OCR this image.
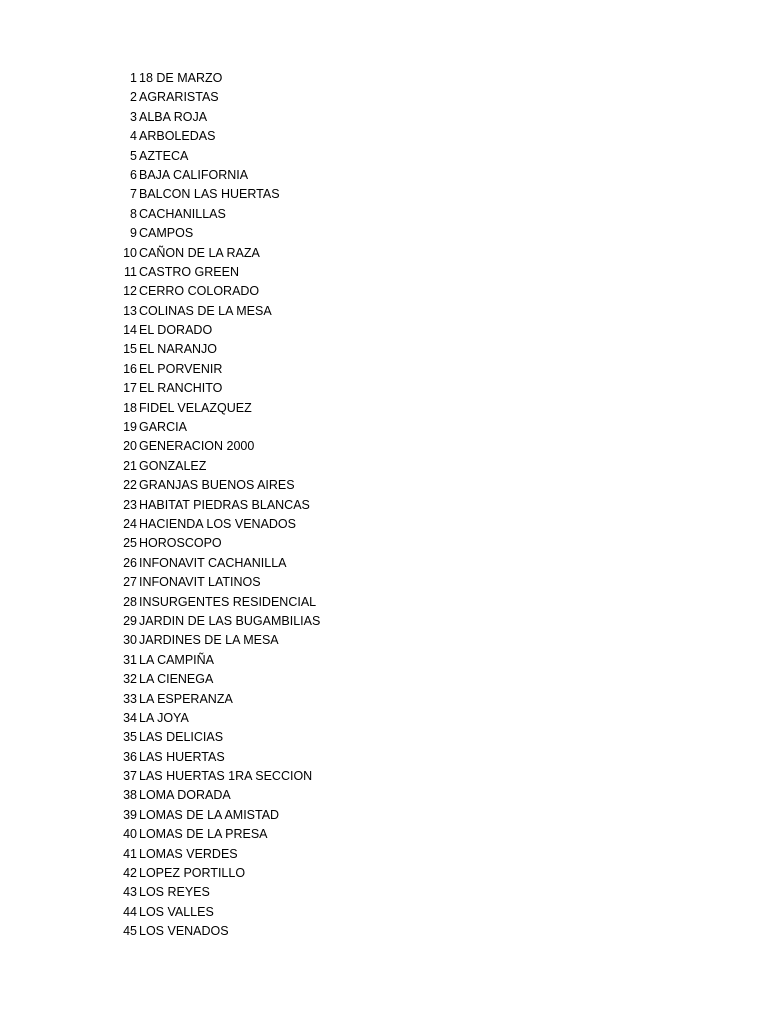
1 18 DE MARZO
2 AGRARISTAS
3 ALBA ROJA
4 ARBOLEDAS
5 AZTECA
6 BAJA CALIFORNIA
7 BALCON LAS HUERTAS
8 CACHANILLAS
9 CAMPOS
10 CAÑON DE LA RAZA
11 CASTRO GREEN
12 CERRO COLORADO
13 COLINAS DE LA MESA
14 EL DORADO
15 EL NARANJO
16 EL PORVENIR
17 EL RANCHITO
18 FIDEL VELAZQUEZ
19 GARCIA
20 GENERACION 2000
21 GONZALEZ
22 GRANJAS BUENOS AIRES
23 HABITAT PIEDRAS BLANCAS
24 HACIENDA LOS VENADOS
25 HOROSCOPO
26 INFONAVIT CACHANILLA
27 INFONAVIT LATINOS
28 INSURGENTES RESIDENCIAL
29 JARDIN DE LAS BUGAMBILIAS
30 JARDINES DE LA MESA
31 LA CAMPIÑA
32 LA CIENEGA
33 LA ESPERANZA
34 LA JOYA
35 LAS DELICIAS
36 LAS HUERTAS
37 LAS HUERTAS 1RA SECCION
38 LOMA DORADA
39 LOMAS DE LA AMISTAD
40 LOMAS DE LA PRESA
41 LOMAS VERDES
42 LOPEZ PORTILLO
43 LOS REYES
44 LOS VALLES
45 LOS VENADOS
